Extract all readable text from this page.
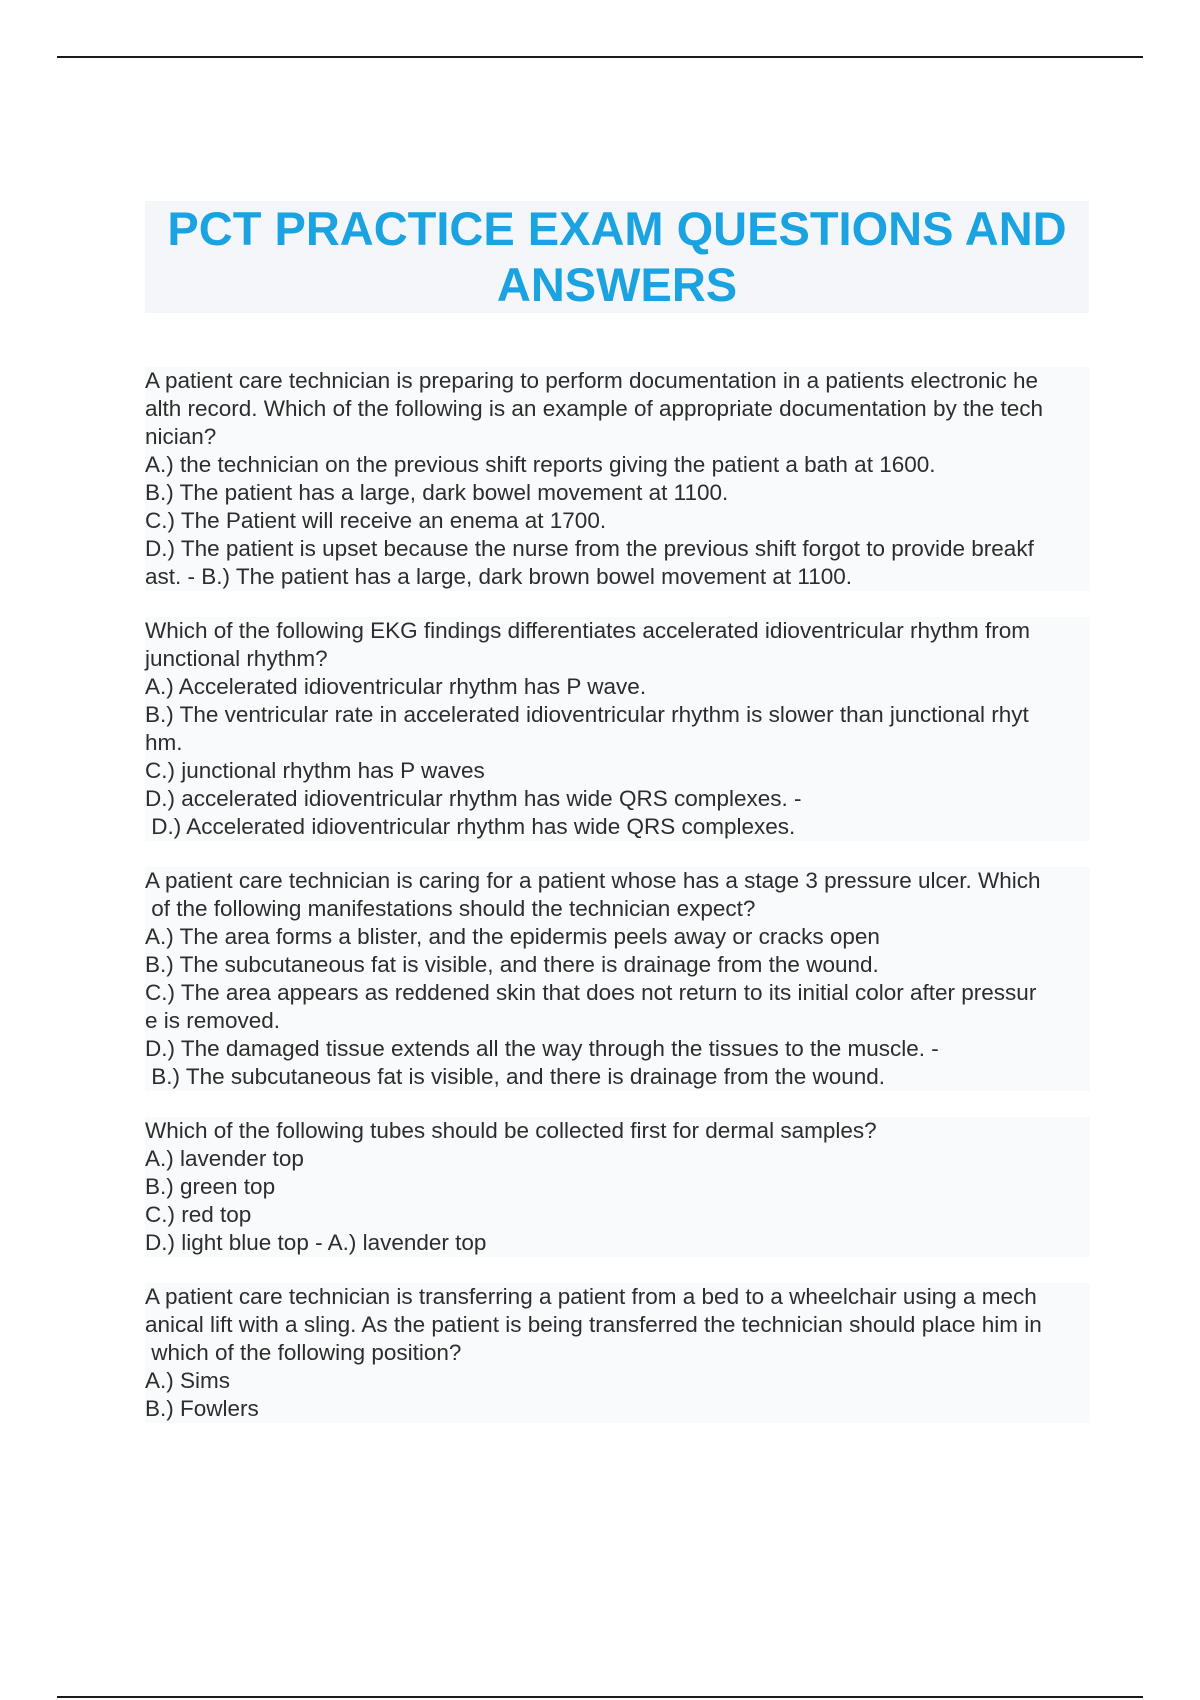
PCT PRACTICE EXAM QUESTIONS AND ANSWERS
A patient care technician is preparing to perform documentation in a patients electronic he
alth record. Which of the following is an example of appropriate documentation by the tech
nician?
A.) the technician on the previous shift reports giving the patient a bath at 1600.
B.) The patient has a large, dark bowel movement at 1100.
C.) The Patient will receive an enema at 1700.
D.) The patient is upset because the nurse from the previous shift forgot to provide breakf
ast. - B.) The patient has a large, dark brown bowel movement at 1100.
Which of the following EKG findings differentiates accelerated idioventricular rhythm from
junctional rhythm?
A.) Accelerated idioventricular rhythm has P wave.
B.) The ventricular rate in accelerated idioventricular rhythm is slower than junctional rhyt
hm.
C.) junctional rhythm has P waves
D.) accelerated idioventricular rhythm has wide QRS complexes. -
D.) Accelerated idioventricular rhythm has wide QRS complexes.
A patient care technician is caring for a patient whose has a stage 3 pressure ulcer. Which
of the following manifestations should the technician expect?
A.) The area forms a blister, and the epidermis peels away or cracks open
B.) The subcutaneous fat is visible, and there is drainage from the wound.
C.) The area appears as reddened skin that does not return to its initial color after pressur
e is removed.
D.) The damaged tissue extends all the way through the tissues to the muscle. -
B.) The subcutaneous fat is visible, and there is drainage from the wound.
Which of the following tubes should be collected first for dermal samples?
A.) lavender top
B.) green top
C.) red top
D.) light blue top - A.) lavender top
A patient care technician is transferring a patient from a bed to a wheelchair using a mech
anical lift with a sling. As the patient is being transferred the technician should place him in
which of the following position?
A.) Sims
B.) Fowlers
